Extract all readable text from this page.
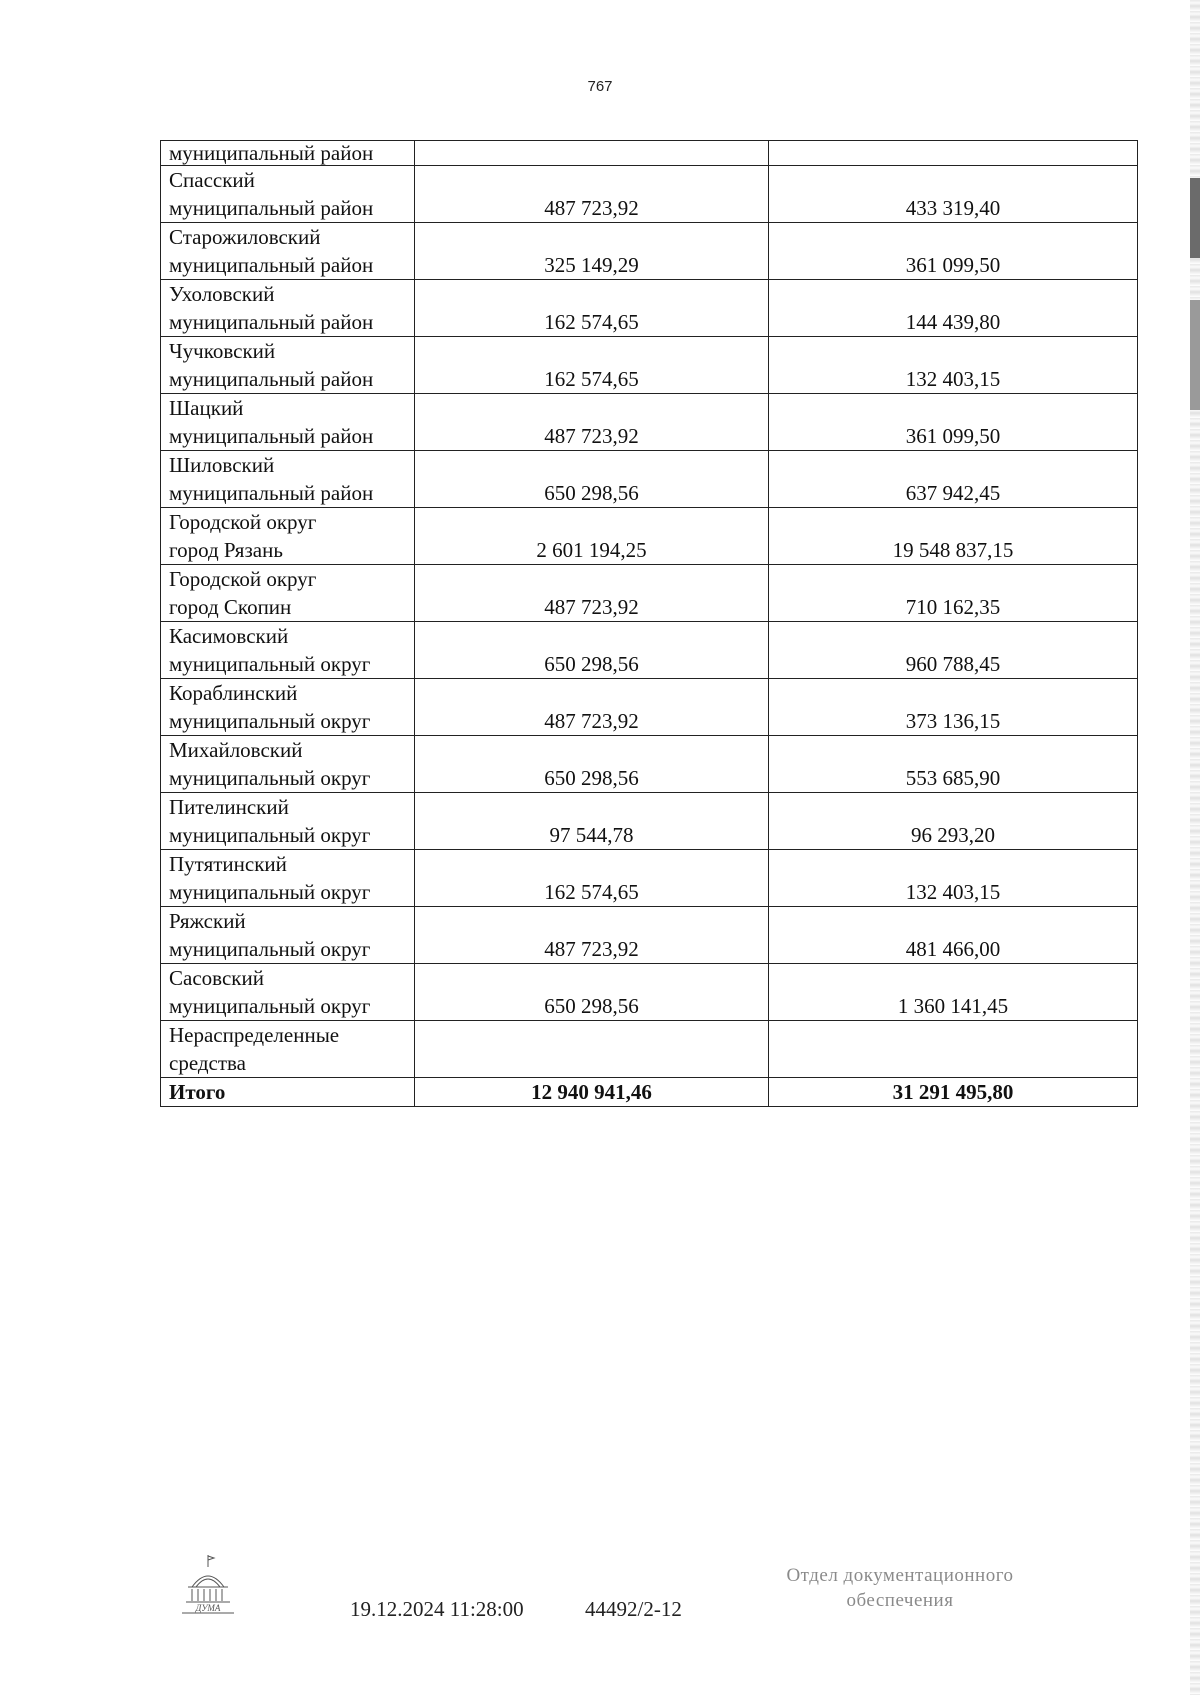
767
муниципальный район		

Спасский
муниципальный район	487 723,92	433 319,40

Старожиловский
муниципальный район	325 149,29	361 099,50

Ухоловский
муниципальный район	162 574,65	144 439,80

Чучковский
муниципальный район	162 574,65	132 403,15

Шацкий
муниципальный район	487 723,92	361 099,50

Шиловский
муниципальный район	650 298,56	637 942,45

Городской округ
город Рязань	2 601 194,25	19 548 837,15

Городской округ
город Скопин	487 723,92	710 162,35

Касимовский
муниципальный округ	650 298,56	960 788,45

Кораблинский
муниципальный округ	487 723,92	373 136,15

Михайловский
муниципальный округ	650 298,56	553 685,90

Пителинский
муниципальный округ	97 544,78	96 293,20

Путятинский
муниципальный округ	162 574,65	132 403,15

Ряжский
муниципальный округ	487 723,92	481 466,00

Сасовский
муниципальный округ	650 298,56	1 360 141,45

Нераспределенные
средства		

Итого	12 940 941,46	31 291 495,80
ДУМА	19.12.2024 11:28:00	44492/2-12
Отдел документационного
обеспечения
